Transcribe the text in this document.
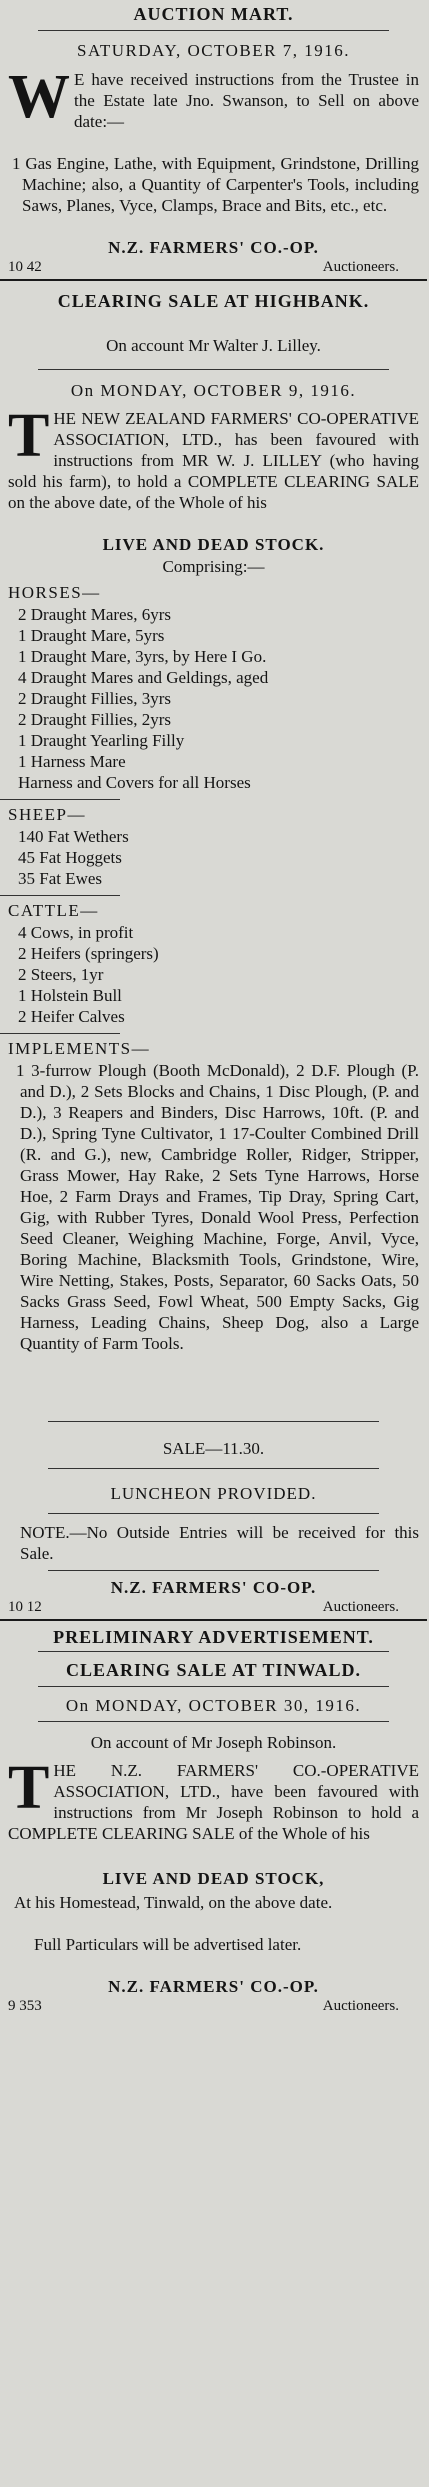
AUCTION MART.
SATURDAY, OCTOBER 7, 1916.
W E have received instructions from the Trustee in the Estate late Jno. Swanson, to Sell on above date:—
1 Gas Engine, Lathe, with Equipment, Grindstone, Drilling Machine; also, a Quantity of Carpenter's Tools, including Saws, Planes, Vyce, Clamps, Brace and Bits, etc., etc.
N.Z. FARMERS' CO.-OP.
10 42	Auctioneers.
CLEARING SALE AT HIGHBANK.
On account Mr Walter J. Lilley.
On MONDAY, OCTOBER 9, 1916.
THE NEW ZEALAND FARMERS' CO-OPERATIVE ASSOCIATION, LTD., has been favoured with instructions from MR W. J. LILLEY (who having sold his farm), to hold a COMPLETE CLEARING SALE on the above date, of the Whole of his
LIVE AND DEAD STOCK.
Comprising:—
HORSES—
2 Draught Mares, 6yrs
1 Draught Mare, 5yrs
1 Draught Mare, 3yrs, by Here I Go.
4 Draught Mares and Geldings, aged
2 Draught Fillies, 3yrs
2 Draught Fillies, 2yrs
1 Draught Yearling Filly
1 Harness Mare
Harness and Covers for all Horses
SHEEP—
140 Fat Wethers
45 Fat Hoggets
35 Fat Ewes
CATTLE—
4 Cows, in profit
2 Heifers (springers)
2 Steers, 1yr
1 Holstein Bull
2 Heifer Calves
IMPLEMENTS—
1 3-furrow Plough (Booth McDonald), 2 D.F. Plough (P. and D.), 2 Sets Blocks and Chains, 1 Disc Plough, (P. and D.), 3 Reapers and Binders, Disc Harrows, 10ft. (P. and D.), Spring Tyne Cultivator, 1 17-Coulter Combined Drill (R. and G.), new, Cambridge Roller, Ridger, Stripper, Grass Mower, Hay Rake, 2 Sets Tyne Harrows, Horse Hoe, 2 Farm Drays and Frames, Tip Dray, Spring Cart, Gig, with Rubber Tyres, Donald Wool Press, Perfection Seed Cleaner, Weighing Machine, Forge, Anvil, Vyce, Boring Machine, Blacksmith Tools, Grindstone, Wire, Wire Netting, Stakes, Posts, Separator, 60 Sacks Oats, 50 Sacks Grass Seed, Fowl Wheat, 500 Empty Sacks, Gig Harness, Leading Chains, Sheep Dog, also a Large Quantity of Farm Tools.
SALE—11.30.
LUNCHEON PROVIDED.
NOTE.—No Outside Entries will be received for this Sale.
N.Z. FARMERS' CO-OP.
10 12	Auctioneers.
PRELIMINARY ADVERTISEMENT.
CLEARING SALE AT TINWALD.
On MONDAY, OCTOBER 30, 1916.
On account of Mr Joseph Robinson.
THE N.Z. FARMERS' CO.-OPERATIVE ASSOCIATION, LTD., have been favoured with instructions from Mr Joseph Robinson to hold a COMPLETE CLEARING SALE of the Whole of his
LIVE AND DEAD STOCK,
At his Homestead, Tinwald, on the above date.
Full Particulars will be advertised later.
N.Z. FARMERS' CO.-OP.
9 353	Auctioneers.
